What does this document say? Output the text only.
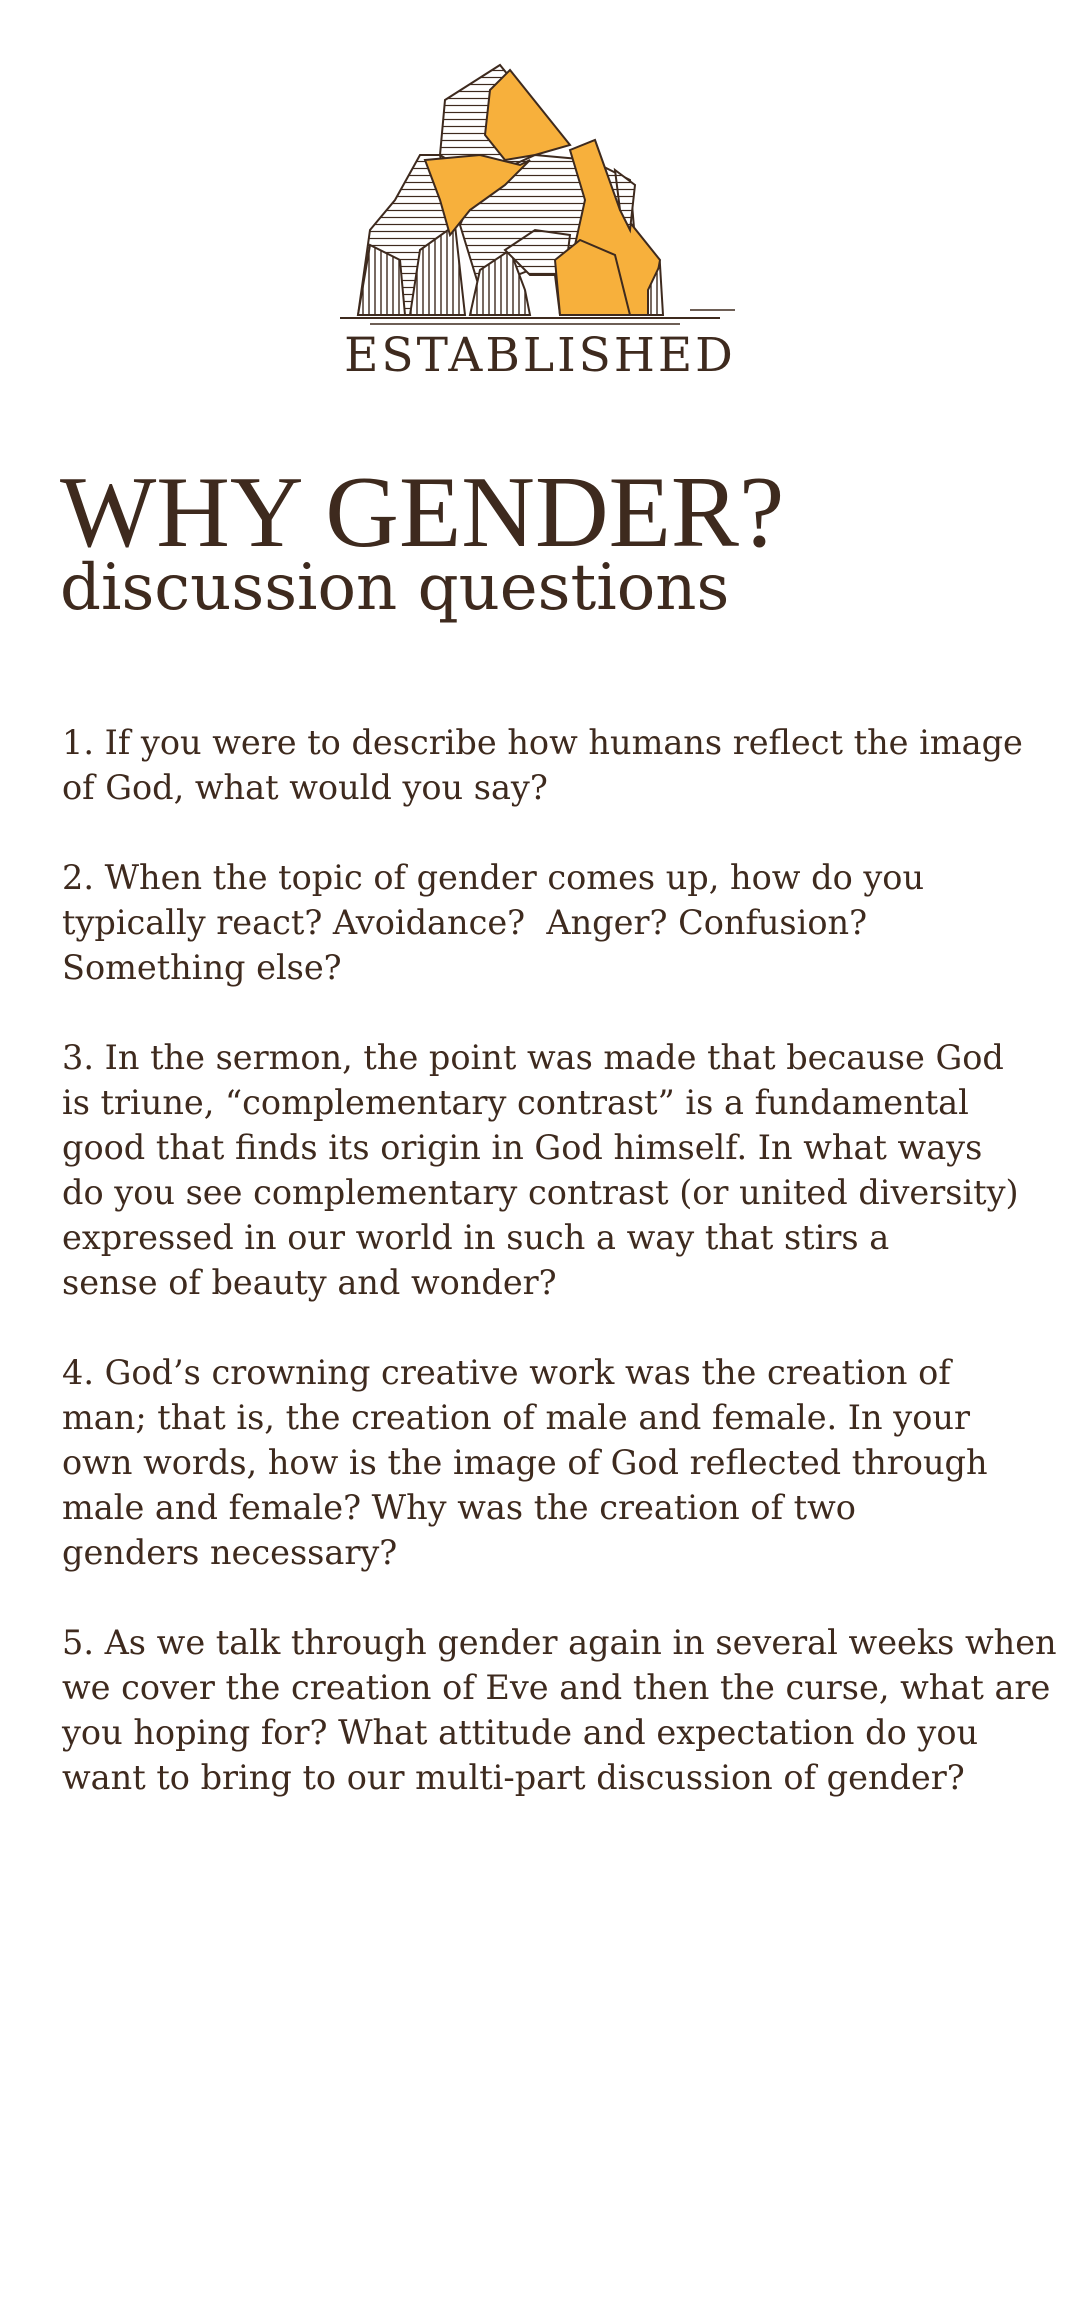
ESTABLISHED
WHY GENDER?
discussion questions
1. If you were to describe how humans reflect the image
of God, what would you say?
2. When the topic of gender comes up, how do you
typically react? Avoidance?  Anger? Confusion?
Something else?
3. In the sermon, the point was made that because God
is triune, “complementary contrast” is a fundamental
good that finds its origin in God himself. In what ways
do you see complementary contrast (or united diversity)
expressed in our world in such a way that stirs a
sense of beauty and wonder?
4. God’s crowning creative work was the creation of
man; that is, the creation of male and female. In your
own words, how is the image of God reflected through
male and female? Why was the creation of two
genders necessary?
5. As we talk through gender again in several weeks when
we cover the creation of Eve and then the curse, what are
you hoping for? What attitude and expectation do you
want to bring to our multi-part discussion of gender?
